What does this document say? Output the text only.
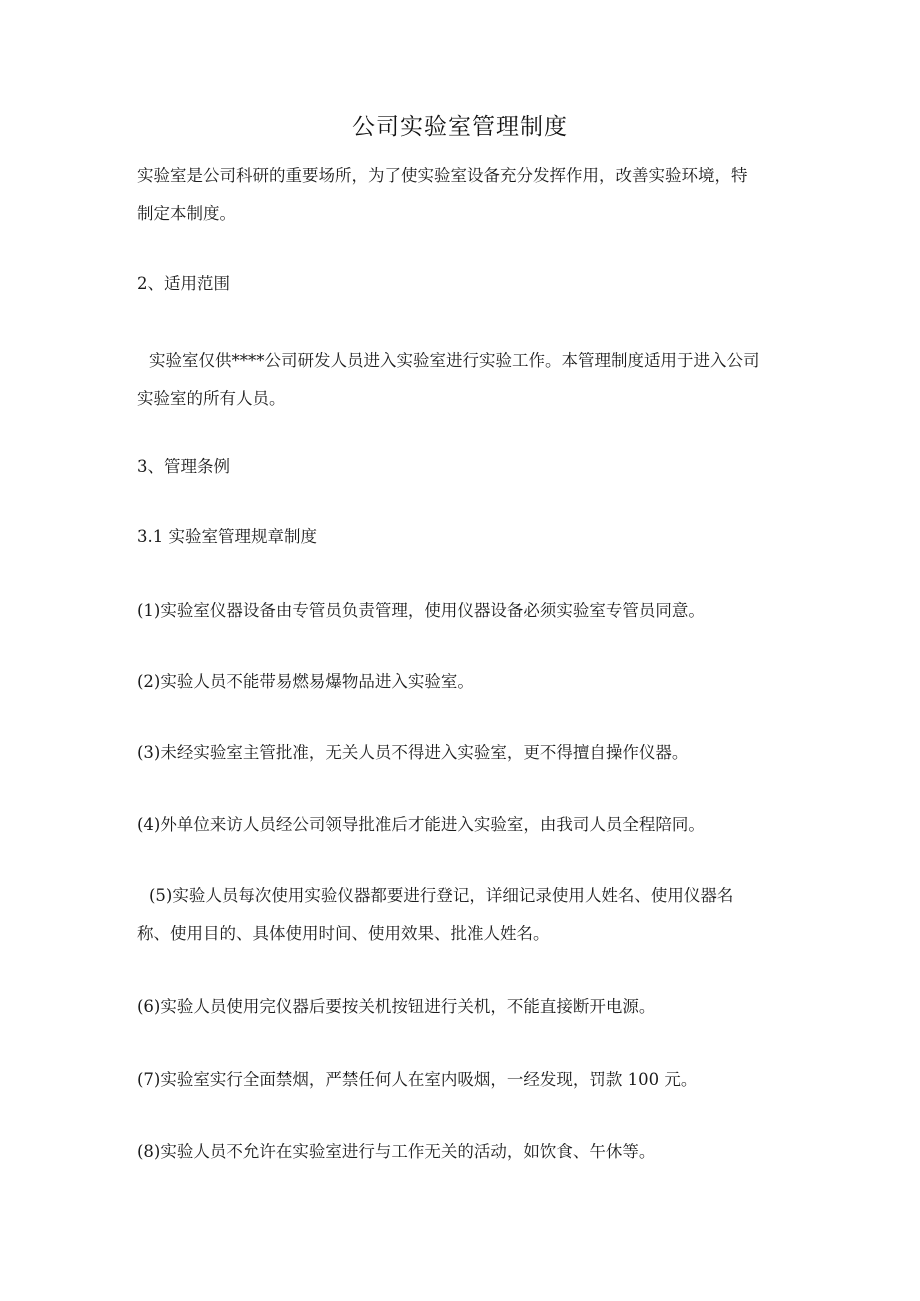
公司实验室管理制度
实验室是公司科研的重要场所，为了使实验室设备充分发挥作用，改善实验环境，特
制定本制度。
2、适用范围
实验室仅供****公司研发人员进入实验室进行实验工作。本管理制度适用于进入公司
实验室的所有人员。
3、管理条例
3.1 实验室管理规章制度
(1)实验室仪器设备由专管员负责管理，使用仪器设备必须实验室专管员同意。
(2)实验人员不能带易燃易爆物品进入实验室。
(3)未经实验室主管批准，无关人员不得进入实验室，更不得擅自操作仪器。
(4)外单位来访人员经公司领导批准后才能进入实验室，由我司人员全程陪同。
(5)实验人员每次使用实验仪器都要进行登记，详细记录使用人姓名、使用仪器名
称、使用目的、具体使用时间、使用效果、批准人姓名。
(6)实验人员使用完仪器后要按关机按钮进行关机，不能直接断开电源。
(7)实验室实行全面禁烟，严禁任何人在室内吸烟，一经发现，罚款 100 元。
(8)实验人员不允许在实验室进行与工作无关的活动，如饮食、午休等。
